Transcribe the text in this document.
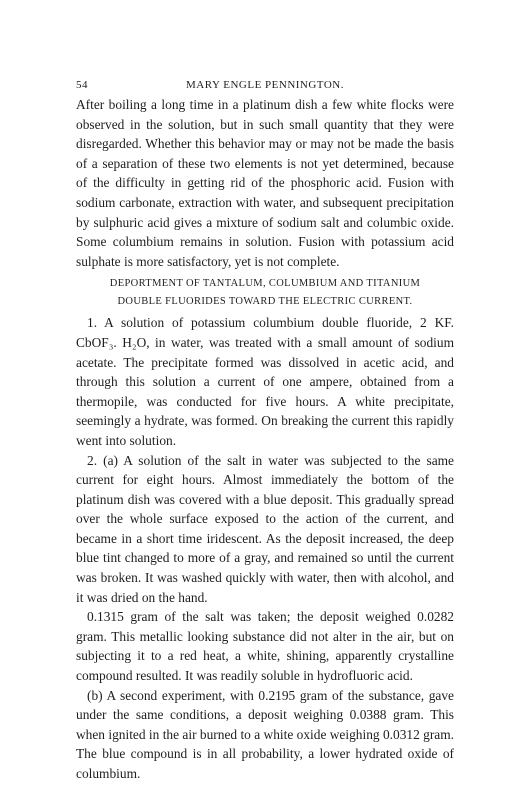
54	MARY ENGLE PENNINGTON.

After boiling a long time in a platinum dish a few white flocks were observed in the solution, but in such small quantity that they were disregarded. Whether this behavior may or may not be made the basis of a separation of these two elements is not yet determined, because of the difficulty in getting rid of the phosphoric acid. Fusion with sodium carbonate, extraction with water, and subsequent precipitation by sulphuric acid gives a mixture of sodium salt and columbic oxide. Some columbium remains in solution. Fusion with potassium acid sulphate is more satisfactory, yet is not complete.

DEPORTMENT OF TANTALUM, COLUMBIUM AND TITANIUM
DOUBLE FLUORIDES TOWARD THE ELECTRIC CURRENT.

1. A solution of potassium columbium double fluoride, 2 KF. CbOF₃. H₂O, in water, was treated with a small amount of sodium acetate. The precipitate formed was dissolved in acetic acid, and through this solution a current of one ampere, obtained from a thermopile, was conducted for five hours. A white precipitate, seemingly a hydrate, was formed. On breaking the current this rapidly went into solution.

2. (a) A solution of the salt in water was subjected to the same current for eight hours. Almost immediately the bottom of the platinum dish was covered with a blue deposit. This gradually spread over the whole surface exposed to the action of the current, and became in a short time iridescent. As the deposit increased, the deep blue tint changed to more of a gray, and remained so until the current was broken. It was washed quickly with water, then with alcohol, and it was dried on the hand.

0.1315 gram of the salt was taken; the deposit weighed 0.0282 gram. This metallic looking substance did not alter in the air, but on subjecting it to a red heat, a white, shining, apparently crystalline compound resulted. It was readily soluble in hydrofluoric acid.

(b) A second experiment, with 0.2195 gram of the substance, gave under the same conditions, a deposit weighing 0.0388 gram. This when ignited in the air burned to a white oxide weighing 0.0312 gram. The blue compound is in all probability, a lower hydrated oxide of columbium.
